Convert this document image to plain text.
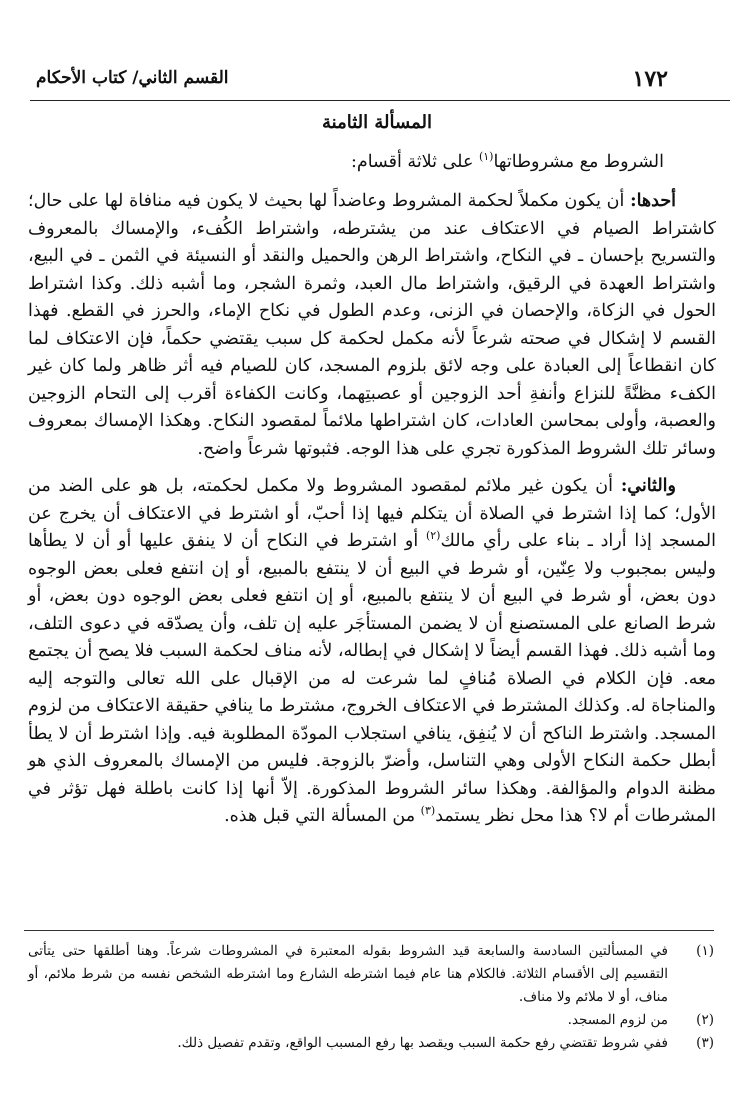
١٧٢
القسم الثاني/ كتاب الأحكام
المسألة الثامنة
الشروط مع مشروطاتها$^{(١)}$ على ثلاثة أقسام:

أحدها: أن يكون مكملاً لحكمة المشروط وعاضداً لها بحيث لا يكون فيه منافاة لها على حال؛ كاشتراط الصيام في الاعتكاف عند من يشترطه، واشتراط الكُفء، والإمساك بالمعروف والتسريح بإحسان ـ في النكاح، واشتراط الرهن والحميل والنقد أو النسيئة في الثمن ـ في البيع، واشتراط العهدة في الرقيق، واشتراط مال العبد، وثمرة الشجر، وما أشبه ذلك. وكذا اشتراط الحول في الزكاة، والإحصان في الزنى، وعدم الطول في نكاح الإماء، والحرز في القطع. فهذا القسم لا إشكال في صحته شرعاً لأنه مكمل لحكمة كل سبب يقتضي حكماً، فإن الاعتكاف لما كان انقطاعاً إلى العبادة على وجه لائق بلزوم المسجد، كان للصيام فيه أثر ظاهر ولما كان غير الكفء مظنَّةً للنزاع وأنفةِ أحد الزوجين أو عصبتِهما، وكانت الكفاءة أقرب إلى التحام الزوجين والعصبة، وأولى بمحاسن العادات، كان اشتراطها ملائماً لمقصود النكاح. وهكذا الإمساك بمعروف وسائر تلك الشروط المذكورة تجري على هذا الوجه. فثبوتها شرعاً واضح.

والثاني: أن يكون غير ملائم لمقصود المشروط ولا مكمل لحكمته، بل هو على الضد من الأول؛ كما إذا اشترط في الصلاة أن يتكلم فيها إذا أحبّ، أو اشترط في الاعتكاف أن يخرج عن المسجد إذا أراد ـ بناء على رأي مالك$^{(٢)}$ أو اشترط في النكاح أن لا ينفق عليها أو أن لا يطأها وليس بمجبوب ولا عِنّين، أو شرط في البيع أن لا ينتفع بالمبيع، أو إن انتفع فعلى بعض الوجوه دون بعض، أو شرط في البيع أن لا ينتفع بالمبيع، أو إن انتفع فعلى بعض الوجوه دون بعض، أو شرط الصانع على المستصنع أن لا يضمن المستأجَر عليه إن تلف، وأن يصدّقه في دعوى التلف، وما أشبه ذلك. فهذا القسم أيضاً لا إشكال في إبطاله، لأنه مناف لحكمة السبب فلا يصح أن يجتمع معه. فإن الكلام في الصلاة مُنافٍ لما شرعت له من الإقبال على الله تعالى والتوجه إليه والمناجاة له. وكذلك المشترط في الاعتكاف الخروج، مشترط ما ينافي حقيقة الاعتكاف من لزوم المسجد. واشترط الناكح أن لا يُنفِق، ينافي استجلاب المودّة المطلوبة فيه. وإذا اشترط أن لا يطأ أبطل حكمة النكاح الأولى وهي التناسل، وأضرّ بالزوجة. فليس من الإمساك بالمعروف الذي هو مظنة الدوام والمؤالفة. وهكذا سائر الشروط المذكورة. إلاّ أنها إذا كانت باطلة فهل تؤثر في المشرطات أم لا؟ هذا محل نظر يستمد$^{(٣)}$ من المسألة التي قبل هذه.

(١)
في المسألتين السادسة والسابعة قيد الشروط بقوله المعتبرة في المشروطات شرعاً. وهنا أطلقها حتى يتأتى التقسيم إلى الأقسام الثلاثة. فالكلام هنا عام فيما اشترطه الشارع وما اشترطه الشخص نفسه من شرط ملائم، أو مناف، أو لا ملائم ولا مناف.
(٢)
من لزوم المسجد.
(٣)
ففي شروط تقتضي رفع حكمة السبب ويقصد بها رفع المسبب الواقع، وتقدم تفصيل ذلك.
